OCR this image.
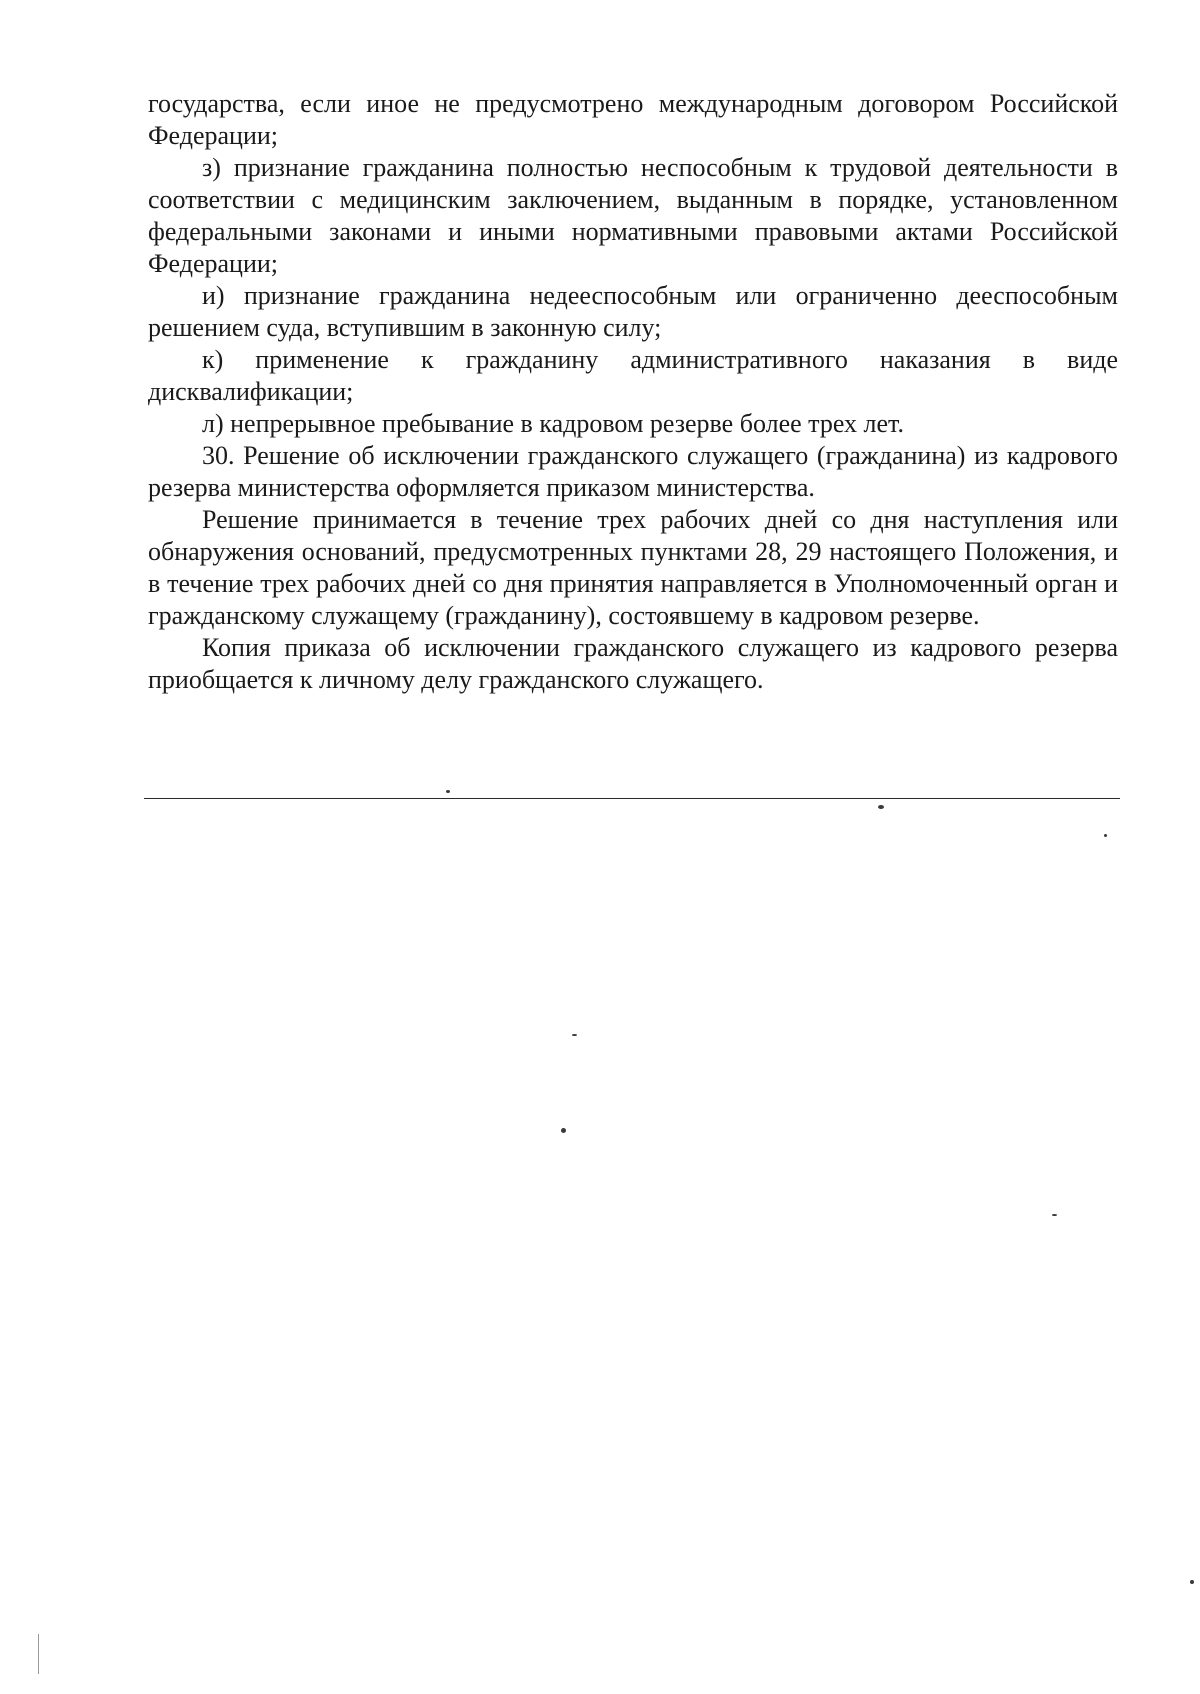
государства, если иное не предусмотрено международным договором Российской Федерации;

з) признание гражданина полностью неспособным к трудовой деятельности в соответствии с медицинским заключением, выданным в порядке, установленном федеральными законами и иными нормативными правовыми актами Российской Федерации;

и) признание гражданина недееспособным или ограниченно дееспособным решением суда, вступившим в законную силу;

к) применение к гражданину административного наказания в виде дисквалификации;

л) непрерывное пребывание в кадровом резерве более трех лет.

30. Решение об исключении гражданского служащего (гражданина) из кадрового резерва министерства оформляется приказом министерства.

Решение принимается в течение трех рабочих дней со дня наступления или обнаружения оснований, предусмотренных пунктами 28, 29 настоящего Положения, и в течение трех рабочих дней со дня принятия направляется в Уполномоченный орган и гражданскому служащему (гражданину), состоявшему в кадровом резерве.

Копия приказа об исключении гражданского служащего из кадрового резерва приобщается к личному делу гражданского служащего.
